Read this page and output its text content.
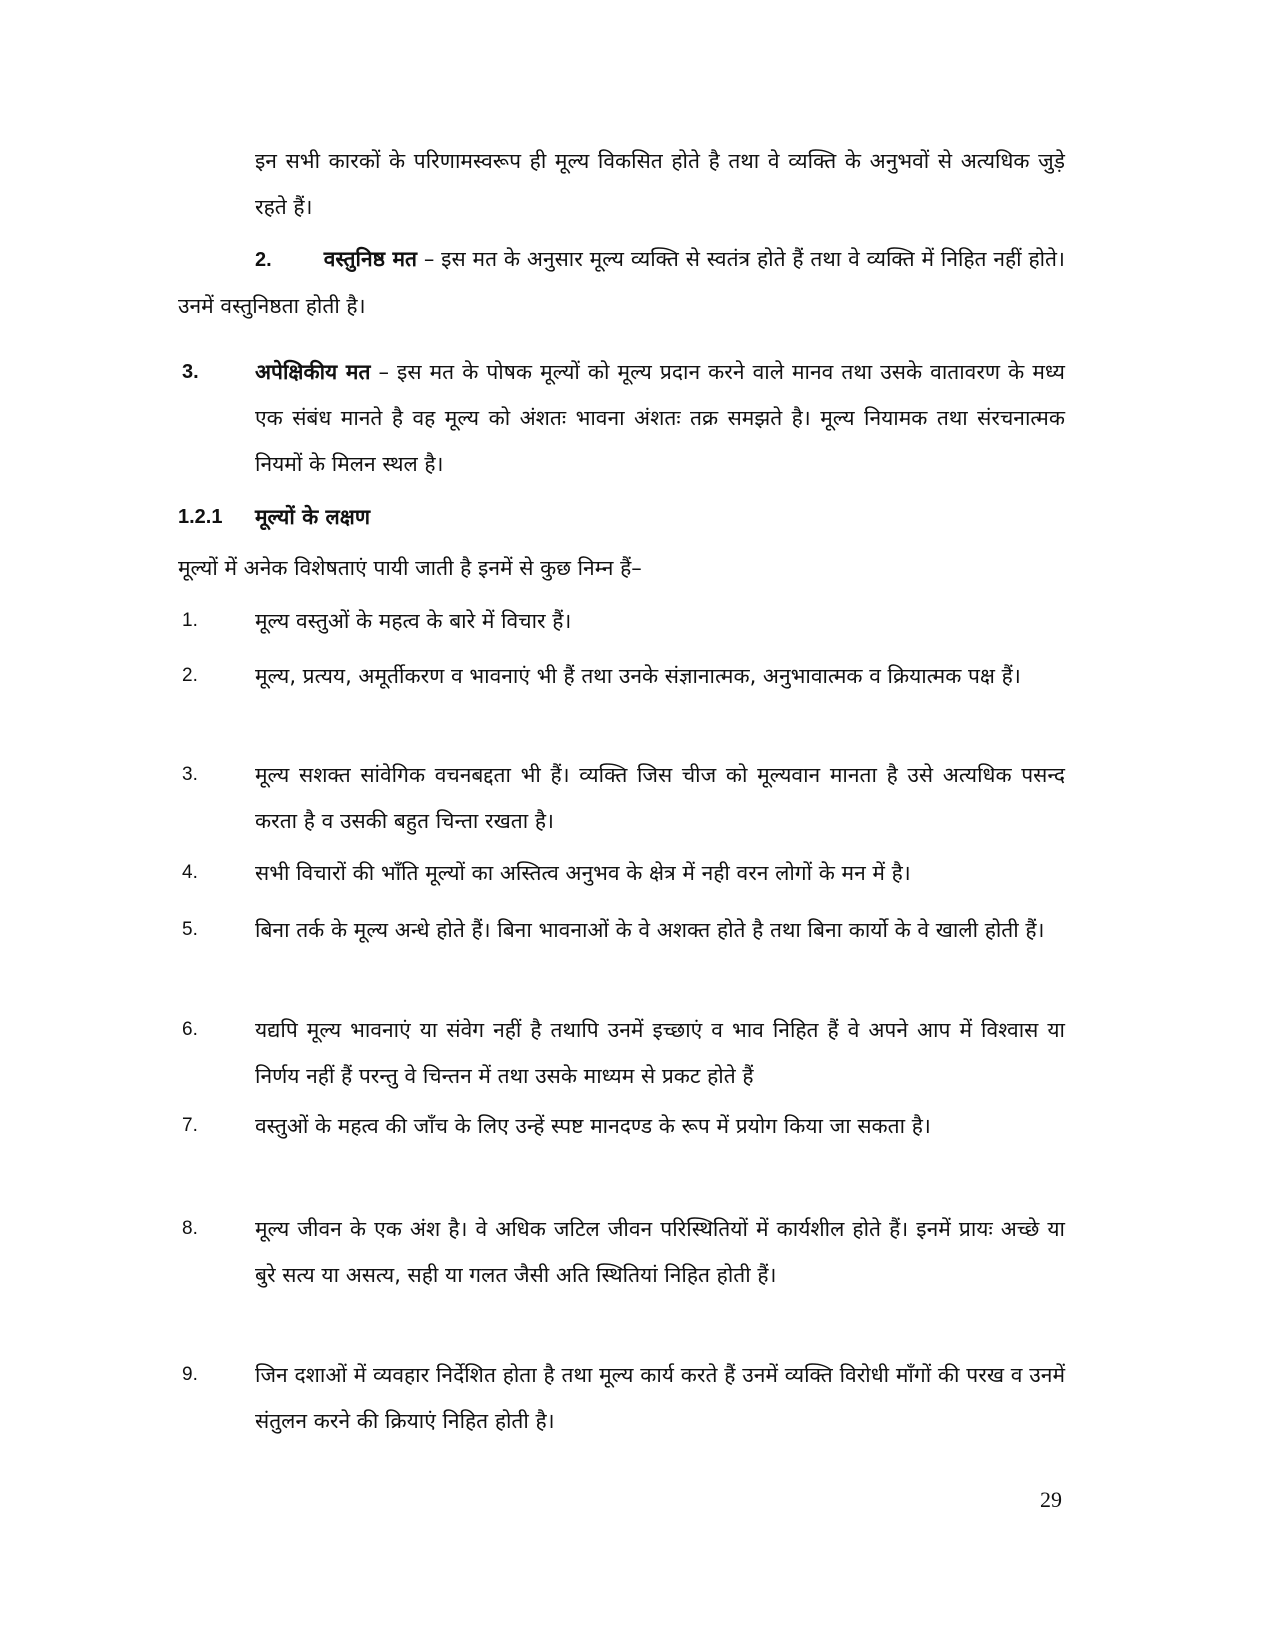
इन सभी कारकों के परिणामस्वरूप ही मूल्य विकसित होते है तथा वे व्यक्ति के अनुभवों से अत्यधिक जुड़े रहते हैं।

2. वस्तुनिष्ठ मत – इस मत के अनुसार मूल्य व्यक्ति से स्वतंत्र होते हैं तथा वे व्यक्ति में निहित नहीं होते। उनमें वस्तुनिष्ठता होती है।

3.	अपेक्षिकीय मत – इस मत के पोषक मूल्यों को मूल्य प्रदान करने वाले मानव तथा उसके वातावरण के मध्य एक संबंध मानते है वह मूल्य को अंशतः भावना अंशतः तक्र समझते है। मूल्य नियामक तथा संरचनात्मक नियमों के मिलन स्थल है।

1.2.1 मूल्यों के लक्षण

मूल्यों में अनेक विशेषताएं पायी जाती है इनमें से कुछ निम्न हैं–

1.	मूल्य वस्तुओं के महत्व के बारे में विचार हैं।

2.	मूल्य, प्रत्यय, अमूर्तीकरण व भावनाएं भी हैं तथा उनके संज्ञानात्मक, अनुभावात्मक व क्रियात्मक पक्ष हैं।

3.	मूल्य सशक्त सांवेगिक वचनबद्दता भी हैं। व्यक्ति जिस चीज को मूल्यवान मानता है उसे अत्यधिक पसन्द करता है व उसकी बहुत चिन्ता रखता है।

4.	सभी विचारों की भाँति मूल्यों का अस्तित्व अनुभव के क्षेत्र में नही वरन लोगों के मन में है।

5.	बिना तर्क के मूल्य अन्धे होते हैं। बिना भावनाओं के वे अशक्त होते है तथा बिना कार्यो के वे खाली होती हैं।

6.	यद्यपि मूल्य भावनाएं या संवेग नहीं है तथापि उनमें इच्छाएं व भाव निहित हैं वे अपने आप में विश्वास या निर्णय नहीं हैं परन्तु वे चिन्तन में तथा उसके माध्यम से प्रकट होते हैं

7.	वस्तुओं के महत्व की जाँच के लिए उन्हें स्पष्ट मानदण्ड के रूप में प्रयोग किया जा सकता है।

8.	मूल्य जीवन के एक अंश है। वे अधिक जटिल जीवन परिस्थितियों में कार्यशील होते हैं। इनमें प्रायः अच्छे या बुरे सत्य या असत्य, सही या गलत जैसी अति स्थितियां निहित होती हैं।

9.	जिन दशाओं में व्यवहार निर्देशित होता है तथा मूल्य कार्य करते हैं उनमें व्यक्ति विरोधी माँगों की परख व उनमें संतुलन करने की क्रियाएं निहित होती है।

29
